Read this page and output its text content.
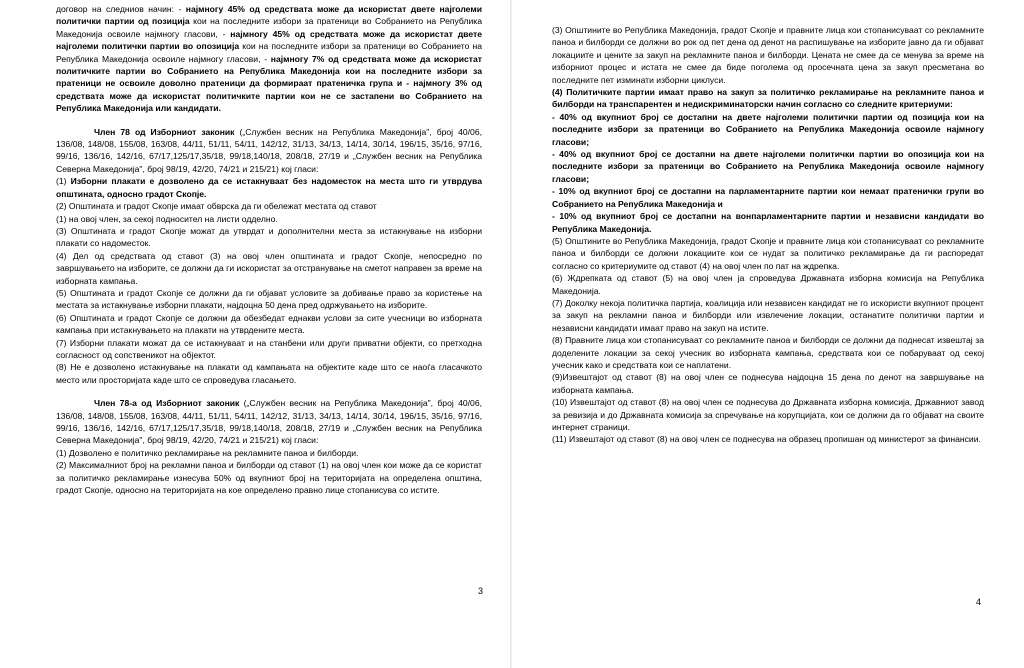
договор на следниов начин: - најмногу 45% од средствата може да искористат двете најголеми политички партии од позиција кои на последните избори за пратеници во Собранието на Република Македонија освоиле најмногу гласови, - најмногу 45% од средствата може да искористат двете најголеми политички партии во опозиција кои на последните избори за пратеници во Собранието на Република Македонија освоиле најмногу гласови, - најмногу 7% од средствата може да искористат политичките партии во Собранието на Република Македонија кои на последните избори за пратеници не освоиле доволно пратеници да формираат пратеничка група и - најмногу 3% од средствата може да искористат политичките партии кои не се застапени во Собранието на Република Македонија или кандидати.

Член 78 од Изборниот законик („Службен весник на Република Македонија", број 40/06, 136/08, 148/08, 155/08, 163/08, 44/11, 51/11, 54/11, 142/12, 31/13, 34/13, 14/14, 30/14, 196/15, 35/16, 97/16, 99/16, 136/16, 142/16, 67/17,125/17,35/18, 99/18,140/18, 208/18, 27/19 и „Службен весник на Република Северна Македонија", број 98/19, 42/20, 74/21 и 215/21) кој гласи:

(1) Изборни плакати е дозволено да се истакнуваат без надоместок на места што ги утврдува општината, односно градот Скопје.

(2) Општината и градот Скопје имаат обврска да ги обележат местата од ставот

(1) на овој член, за секој подносител на листи одделно.

(3) Општината и градот Скопје можат да утврдат и дополнителни места за истакнување на изборни плакати со надоместок.

(4) Дел од средствата од ставот (3) на овој член општината и градот Скопје, непосредно по завршувањето на изборите, се должни да ги искористат за отстранување на сметот направен за време на изборната кампања.

(5) Општината и градот Скопје се должни да ги објават условите за добивање право за користење на местата за истакнување изборни плакати, најдоцна 50 дена пред одржувањето на изборите.

(6) Општината и градот Скопје се должни да обезбедат еднакви услови за сите учесници во изборната кампања при истакнувањето на плакати на утврдените места.

(7) Изборни плакати можат да се истакнуваат и на станбени или други приватни објекти, со претходна согласност од сопственикот на објектот.

(8) Не е дозволено истакнување на плакати од кампањата на објектите каде што се наоѓа гласачкото место или просторијата каде што се спроведува гласањето.

Член 78-а од Изборниот законик („Службен весник на Република Македонија", број 40/06, 136/08, 148/08, 155/08, 163/08, 44/11, 51/11, 54/11, 142/12, 31/13, 34/13, 14/14, 30/14, 196/15, 35/16, 97/16, 99/16, 136/16, 142/16, 67/17,125/17,35/18, 99/18,140/18, 208/18, 27/19 и „Службен весник на Република Северна Македонија", број 98/19, 42/20, 74/21 и 215/21) кој гласи:

(1) Дозволено е политичко рекламирање на рекламните паноа и билборди.

(2) Максималниот број на рекламни паноа и билборди од ставот (1) на овој член кои може да се користат за политичко рекламирање изнесува 50% од вкупниот број на територијата на определена општина, градот Скопје, односно на територијата на кое определено правно лице стопанисува со истите.

3

(3) Општините во Република Македонија, градот Скопје и правните лица кои стопанисуваат со рекламните паноа и билборди се должни во рок од пет дена од денот на распишување на изборите јавно да ги објават локациите и цените за закуп на рекламните паноа и билборди. Цената не смее да се менува за време на изборниот процес и истата не смее да биде поголема од просечната цена за закуп пресметана во последните пет изминати изборни циклуси.

(4) Политичките партии имаат право на закуп за политичко рекламирање на рекламните паноа и билборди на транспарентен и недискриминаторски начин согласно со следните критериуми:

- 40% од вкупниот број се достапни на двете најголеми политички партии од позиција кои на последните избори за пратеници во Собранието на Република Македонија освоиле најмногу гласови;

- 40% од вкупниот број се достапни на двете најголеми политички партии во опозиција кои на последните избори за пратеници во Собранието на Република Македонија освоиле најмногу гласови;

- 10% од вкупниот број се достапни на парламентарните партии кои немаат пратенички групи во Собранието на Република Македонија и

- 10% од вкупниот број се достапни на вонпарламентарните партии и независни кандидати во Република Македонија.

(5) Општините во Република Македонија, градот Скопје и правните лица кои стопанисуваат со рекламните паноа и билборди се должни локациите кои се нудат за политичко рекламирање да ги распоредат согласно со критериумите од ставот (4) на овој член по пат на ждрепка.

(6) Ждрепката од ставот (5) на овој член ја спроведува Државната изборна комисија на Република Македонија.

(7) Доколку некоја политичка партија, коалиција или независен кандидат не го искористи вкупниот процент за закуп на рекламни паноа и билборди или извлечение локации, останатите политички партии и независни кандидати имаат право на закуп на истите.

(8) Правните лица кои стопанисуваат со рекламните паноа и билборди се должни да поднесат извештај за доделените локации за секој учесник во изборната кампања, средствата кои се побаруваат од секој учесник како и средствата кои се наплатени.

(9)Извештајот од ставот (8) на овој член се поднесува најдоцна 15 дена по денот на завршување на изборната кампања.

(10) Извештајот од ставот (8) на овој член се поднесува до Државната изборна комисија, Државниот завод за ревизија и до Државната комисија за спречување на корупцијата, кои се должни да го објават на своите интернет страници.

(11) Извештајот од ставот (8) на овој член се поднесува на образец пропишан од министерот за финансии.

4
